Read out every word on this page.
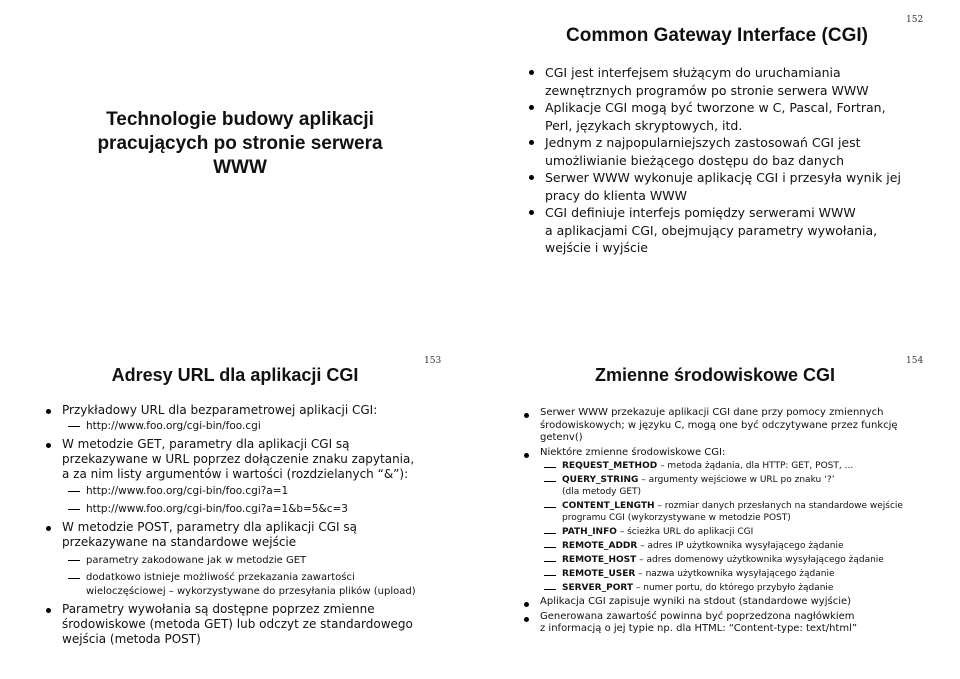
152
Technologie budowy aplikacji
pracujących po stronie serwera
WWW
Common Gateway Interface (CGI)
CGI jest interfejsem służącym do uruchamiania
zewnętrznych programów po stronie serwera WWW
Aplikacje CGI mogą być tworzone w C, Pascal, Fortran,
Perl, językach skryptowych, itd.
Jednym z najpopularniejszych zastosowań CGI jest
umożliwianie bieżącego dostępu do baz danych
Serwer WWW wykonuje aplikację CGI i przesyła wynik jej
pracy do klienta WWW
CGI definiuje interfejs pomiędzy serwerami WWW
a aplikacjami CGI, obejmujący parametry wywołania,
wejście i wyjście
153
Adresy URL dla aplikacji CGI
Przykładowy URL dla bezparametrowej aplikacji CGI:
http://www.foo.org/cgi-bin/foo.cgi
W metodzie GET, parametry dla aplikacji CGI są
przekazywane w URL poprzez dołączenie znaku zapytania,
a za nim listy argumentów i wartości (rozdzielanych “&”):
http://www.foo.org/cgi-bin/foo.cgi?a=1
http://www.foo.org/cgi-bin/foo.cgi?a=1&b=5&c=3
W metodzie POST, parametry dla aplikacji CGI są
przekazywane na standardowe wejście
parametry zakodowane jak w metodzie GET
dodatkowo istnieje możliwość przekazania zawartości
wieloczęściowej – wykorzystywane do przesyłania plików (upload)
Parametry wywołania są dostępne poprzez zmienne
środowiskowe (metoda GET) lub odczyt ze standardowego
wejścia (metoda POST)
154
Zmienne środowiskowe CGI
Serwer WWW przekazuje aplikacji CGI dane przy pomocy zmiennych
środowiskowych; w języku C, mogą one być odczytywane przez funkcję
getenv()
Niektóre zmienne środowiskowe CGI:
REQUEST_METHOD – metoda żądania, dla HTTP: GET, POST, ...
QUERY_STRING – argumenty wejściowe w URL po znaku ‘?’
(dla metody GET)
CONTENT_LENGTH – rozmiar danych przesłanych na standardowe wejście
programu CGI (wykorzystywane w metodzie POST)
PATH_INFO – ścieżka URL do aplikacji CGI
REMOTE_ADDR – adres IP użytkownika wysyłającego żądanie
REMOTE_HOST – adres domenowy użytkownika wysyłającego żądanie
REMOTE_USER – nazwa użytkownika wysyłającego żądanie
SERVER_PORT – numer portu, do którego przybyło żądanie
Aplikacja CGI zapisuje wyniki na stdout (standardowe wyjście)
Generowana zawartość powinna być poprzedzona nagłówkiem
z informacją o jej typie np. dla HTML: “Content-type: text/html”
